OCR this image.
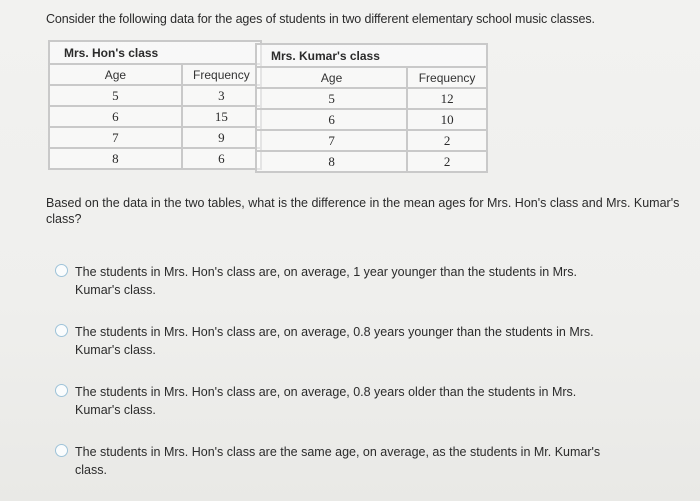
Consider the following data for the ages of students in two different elementary school music classes.
Mrs. Hon's class	
Age	Frequency
5	3
6	15
7	9
8	6
Mrs. Kumar's class	
Age	Frequency
5	12
6	10
7	2
8	2
Based on the data in the two tables, what is the difference in the mean ages for Mrs. Hon's class and Mrs. Kumar's class?
The students in Mrs. Hon's class are, on average, 1 year younger than the students in Mrs. Kumar's class.
The students in Mrs. Hon's class are, on average, 0.8 years younger than the students in Mrs. Kumar's class.
The students in Mrs. Hon's class are, on average, 0.8 years older than the students in Mrs. Kumar's class.
The students in Mrs. Hon's class are the same age, on average, as the students in Mr. Kumar's class.
